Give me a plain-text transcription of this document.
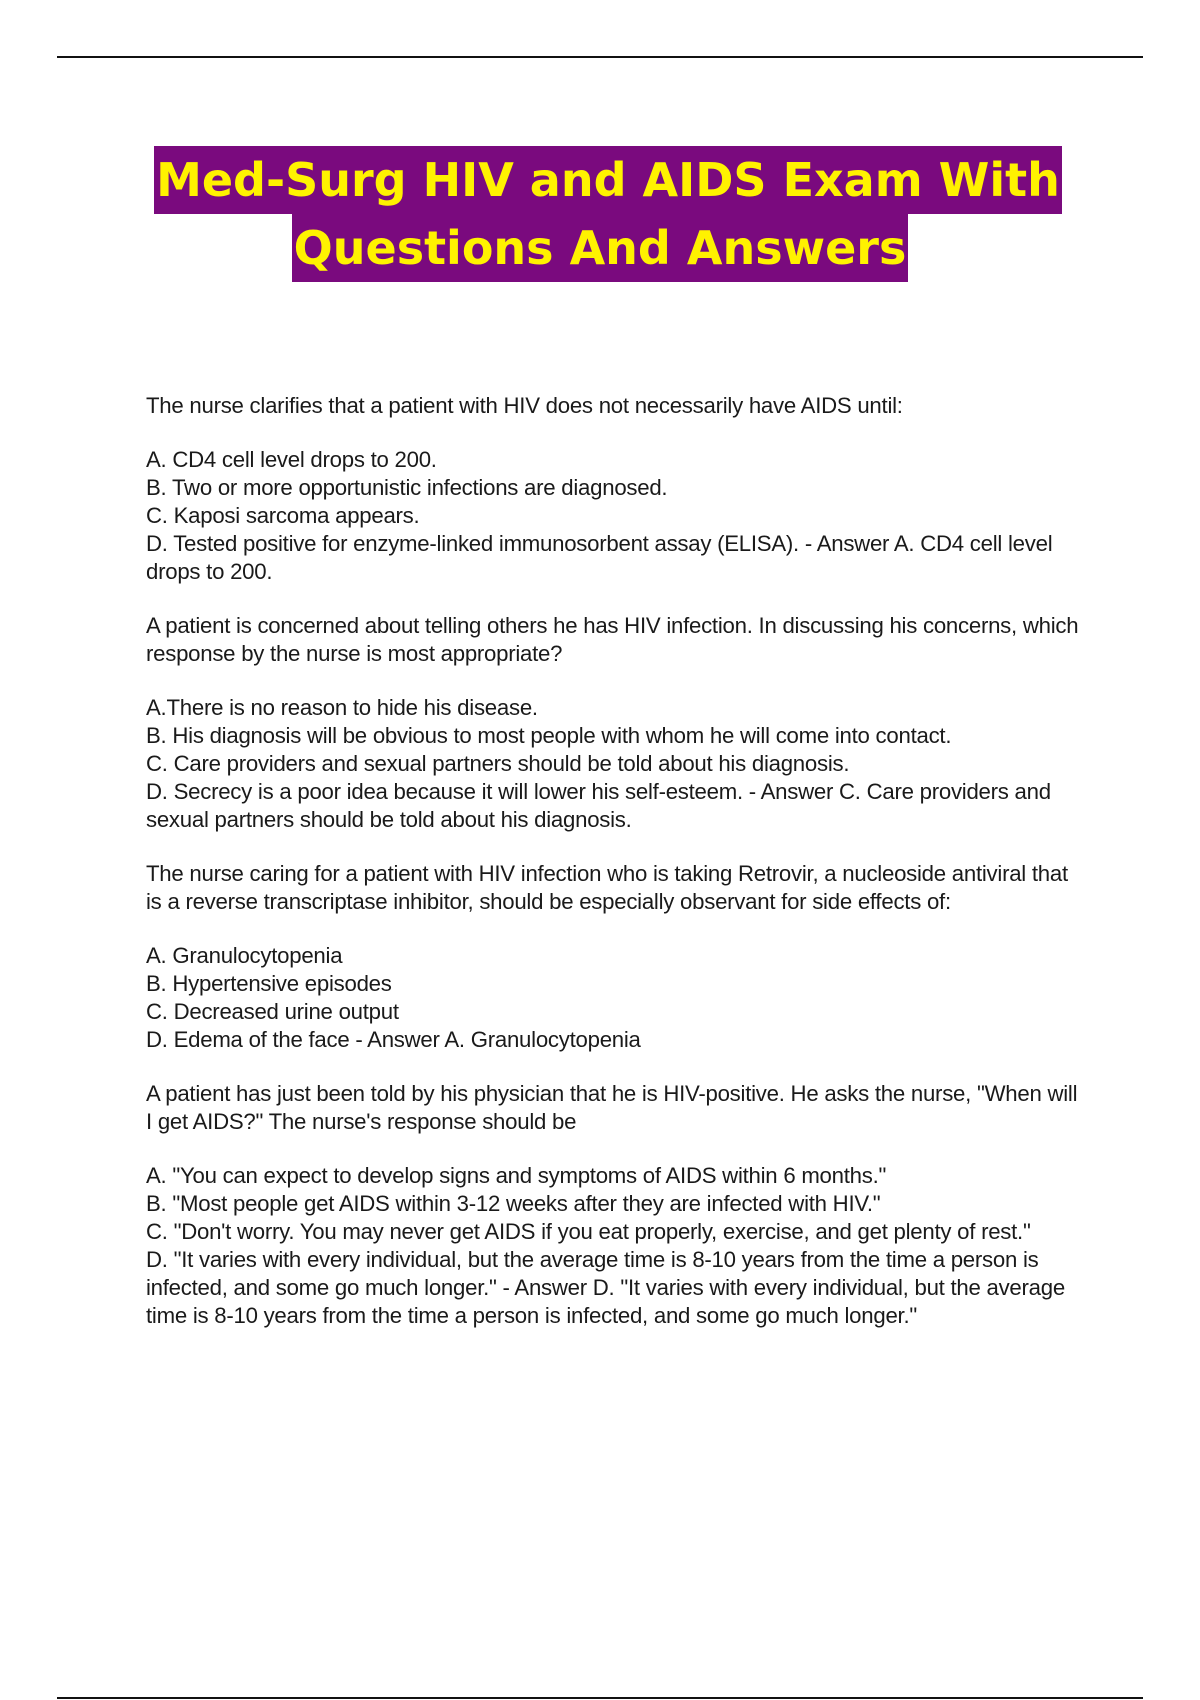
Med-Surg HIV and AIDS Exam With
Questions And Answers

The nurse clarifies that a patient with HIV does not necessarily have AIDS until:

A. CD4 cell level drops to 200.

B. Two or more opportunistic infections are diagnosed.

C. Kaposi sarcoma appears.

D. Tested positive for enzyme-linked immunosorbent assay (ELISA). - Answer A. CD4 cell level drops to 200.

A patient is concerned about telling others he has HIV infection. In discussing his concerns, which response by the nurse is most appropriate?

A.There is no reason to hide his disease.

B. His diagnosis will be obvious to most people with whom he will come into contact.

C. Care providers and sexual partners should be told about his diagnosis.

D. Secrecy is a poor idea because it will lower his self-esteem. - Answer C. Care providers and sexual partners should be told about his diagnosis.

The nurse caring for a patient with HIV infection who is taking Retrovir, a nucleoside antiviral that is a reverse transcriptase inhibitor, should be especially observant for side effects of:

A. Granulocytopenia

B. Hypertensive episodes

C. Decreased urine output

D. Edema of the face - Answer A. Granulocytopenia

A patient has just been told by his physician that he is HIV-positive. He asks the nurse, "When will I get AIDS?" The nurse's response should be

A. "You can expect to develop signs and symptoms of AIDS within 6 months."

B. "Most people get AIDS within 3-12 weeks after they are infected with HIV."

C. "Don't worry. You may never get AIDS if you eat properly, exercise, and get plenty of rest."

D. "It varies with every individual, but the average time is 8-10 years from the time a person is infected, and some go much longer." - Answer D. "It varies with every individual, but the average time is 8-10 years from the time a person is infected, and some go much longer."
